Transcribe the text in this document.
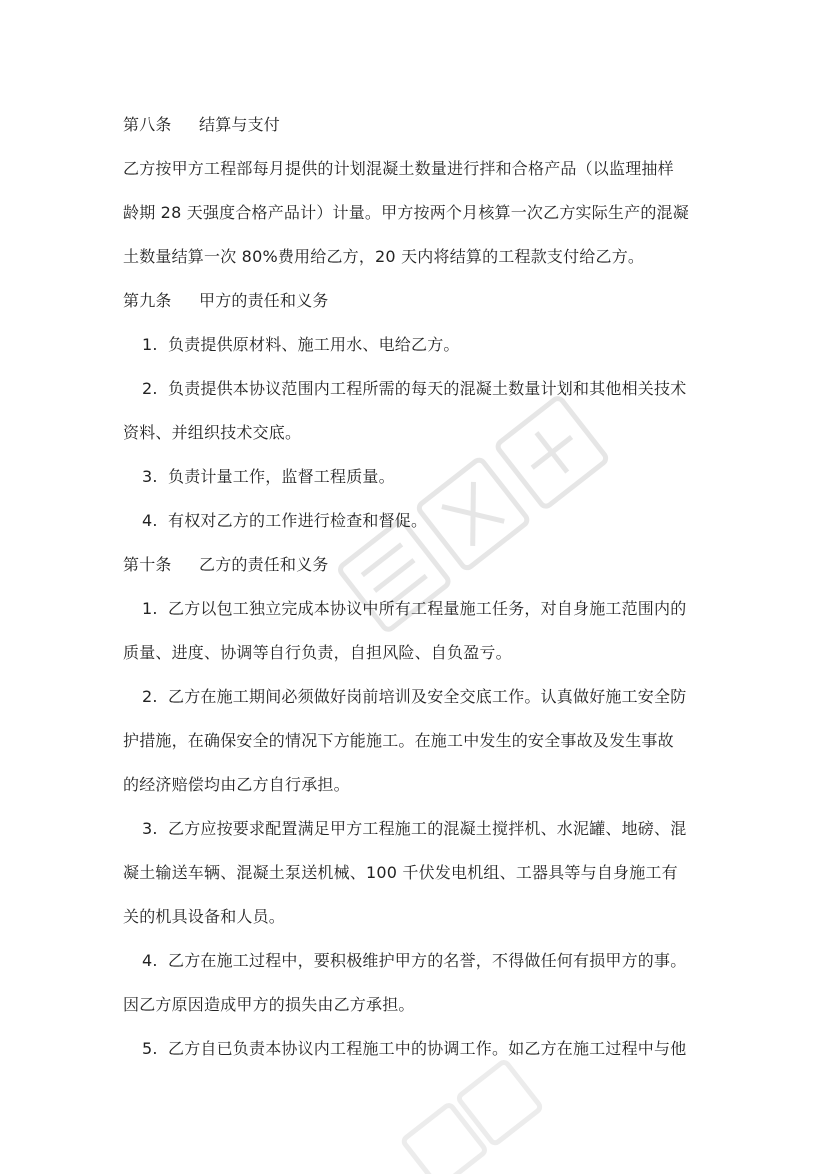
第八条 结算与支付
乙方按甲方工程部每月提供的计划混凝土数量进行拌和合格产品（以监理抽样
龄期 28 天强度合格产品计）计量。甲方按两个月核算一次乙方实际生产的混凝
土数量结算一次 80%费用给乙方，20 天内将结算的工程款支付给乙方。
第九条 甲方的责任和义务
1. 负责提供原材料、施工用水、电给乙方。
2. 负责提供本协议范围内工程所需的每天的混凝土数量计划和其他相关技术
资料、并组织技术交底。
3. 负责计量工作，监督工程质量。
4. 有权对乙方的工作进行检查和督促。
第十条 乙方的责任和义务
1. 乙方以包工独立完成本协议中所有工程量施工任务，对自身施工范围内的
质量、进度、协调等自行负责，自担风险、自负盈亏。
2. 乙方在施工期间必须做好岗前培训及安全交底工作。认真做好施工安全防
护措施，在确保安全的情况下方能施工。在施工中发生的安全事故及发生事故
的经济赔偿均由乙方自行承担。
3. 乙方应按要求配置满足甲方工程施工的混凝土搅拌机、水泥罐、地磅、混
凝土输送车辆、混凝土泵送机械、100 千伏发电机组、工器具等与自身施工有
关的机具设备和人员。
4. 乙方在施工过程中，要积极维护甲方的名誉，不得做任何有损甲方的事。
因乙方原因造成甲方的损失由乙方承担。
5. 乙方自已负责本协议内工程施工中的协调工作。如乙方在施工过程中与他
